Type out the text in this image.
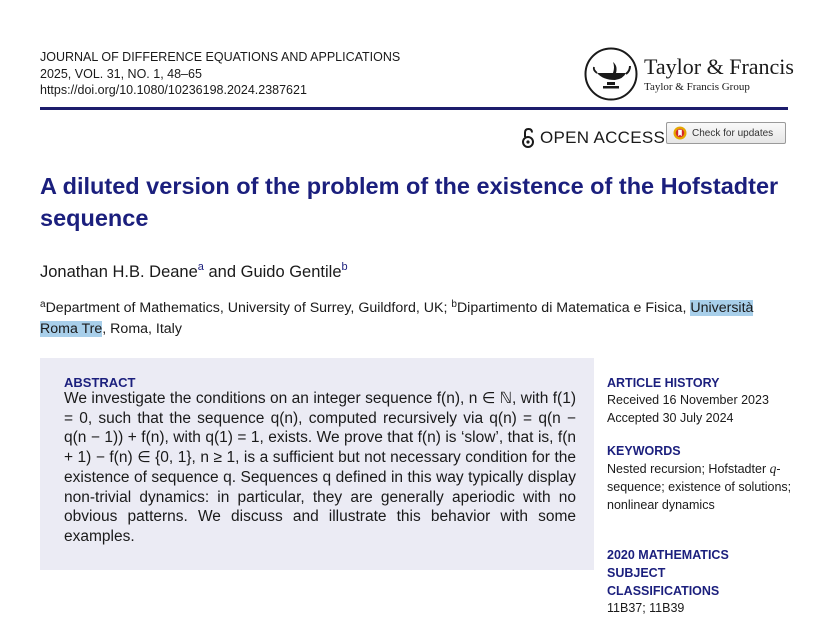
JOURNAL OF DIFFERENCE EQUATIONS AND APPLICATIONS
2025, VOL. 31, NO. 1, 48–65
https://doi.org/10.1080/10236198.2024.2387621
Taylor & Francis
Taylor & Francis Group
OPEN ACCESS	Check for updates
A diluted version of the problem of the existence of the Hofstadter sequence
Jonathan H.B. Deane$^a$ and Guido Gentile$^b$
$^a$Department of Mathematics, University of Surrey, Guildford, UK; $^b$Dipartimento di Matematica e Fisica, Università Roma Tre, Roma, Italy
ABSTRACT
We investigate the conditions on an integer sequence f(n), n ∈ ℕ, with f(1) = 0, such that the sequence q(n), computed recursively via q(n) = q(n − q(n − 1)) + f(n), with q(1) = 1, exists. We prove that f(n) is ‘slow’, that is, f(n + 1) − f(n) ∈ {0, 1}, n ≥ 1, is a sufficient but not necessary condition for the existence of sequence q. Sequences q defined in this way typically display non-trivial dynamics: in particular, they are generally aperiodic with no obvious patterns. We discuss and illustrate this behavior with some examples.
ARTICLE HISTORY
Received 16 November 2023
Accepted 30 July 2024
KEYWORDS
Nested recursion; Hofstadter q-sequence; existence of solutions; nonlinear dynamics
2020 MATHEMATICS SUBJECT CLASSIFICATIONS
11B37; 11B39
